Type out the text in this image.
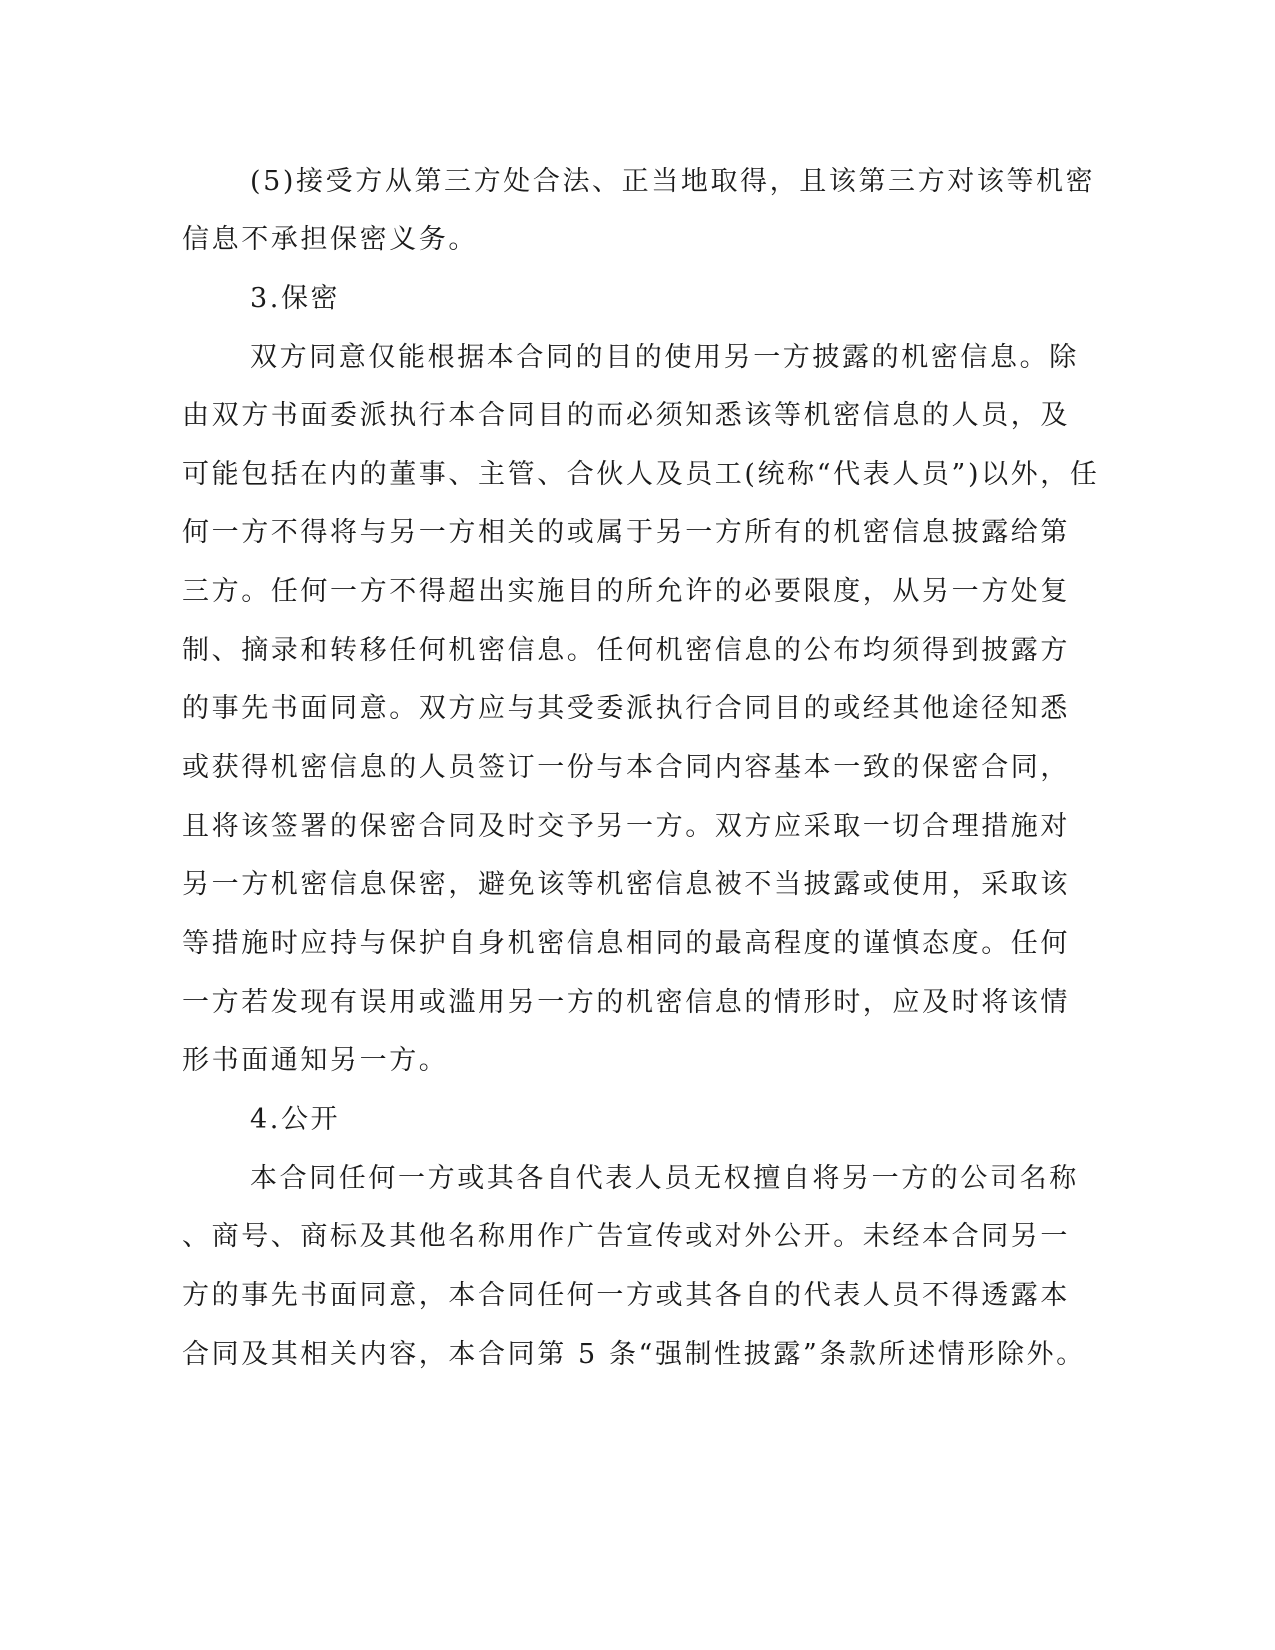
(5)接受方从第三方处合法、正当地取得，且该第三方对该等机密
信息不承担保密义务。
3.保密
双方同意仅能根据本合同的目的使用另一方披露的机密信息。除
由双方书面委派执行本合同目的而必须知悉该等机密信息的人员，及
可能包括在内的董事、主管、合伙人及员工(统称“代表人员”)以外，任
何一方不得将与另一方相关的或属于另一方所有的机密信息披露给第
三方。任何一方不得超出实施目的所允许的必要限度，从另一方处复
制、摘录和转移任何机密信息。任何机密信息的公布均须得到披露方
的事先书面同意。双方应与其受委派执行合同目的或经其他途径知悉
或获得机密信息的人员签订一份与本合同内容基本一致的保密合同，
且将该签署的保密合同及时交予另一方。双方应采取一切合理措施对
另一方机密信息保密，避免该等机密信息被不当披露或使用，采取该
等措施时应持与保护自身机密信息相同的最高程度的谨慎态度。任何
一方若发现有误用或滥用另一方的机密信息的情形时，应及时将该情
形书面通知另一方。
4.公开
本合同任何一方或其各自代表人员无权擅自将另一方的公司名称
、商号、商标及其他名称用作广告宣传或对外公开。未经本合同另一
方的事先书面同意，本合同任何一方或其各自的代表人员不得透露本
合同及其相关内容，本合同第 5 条“强制性披露”条款所述情形除外。
